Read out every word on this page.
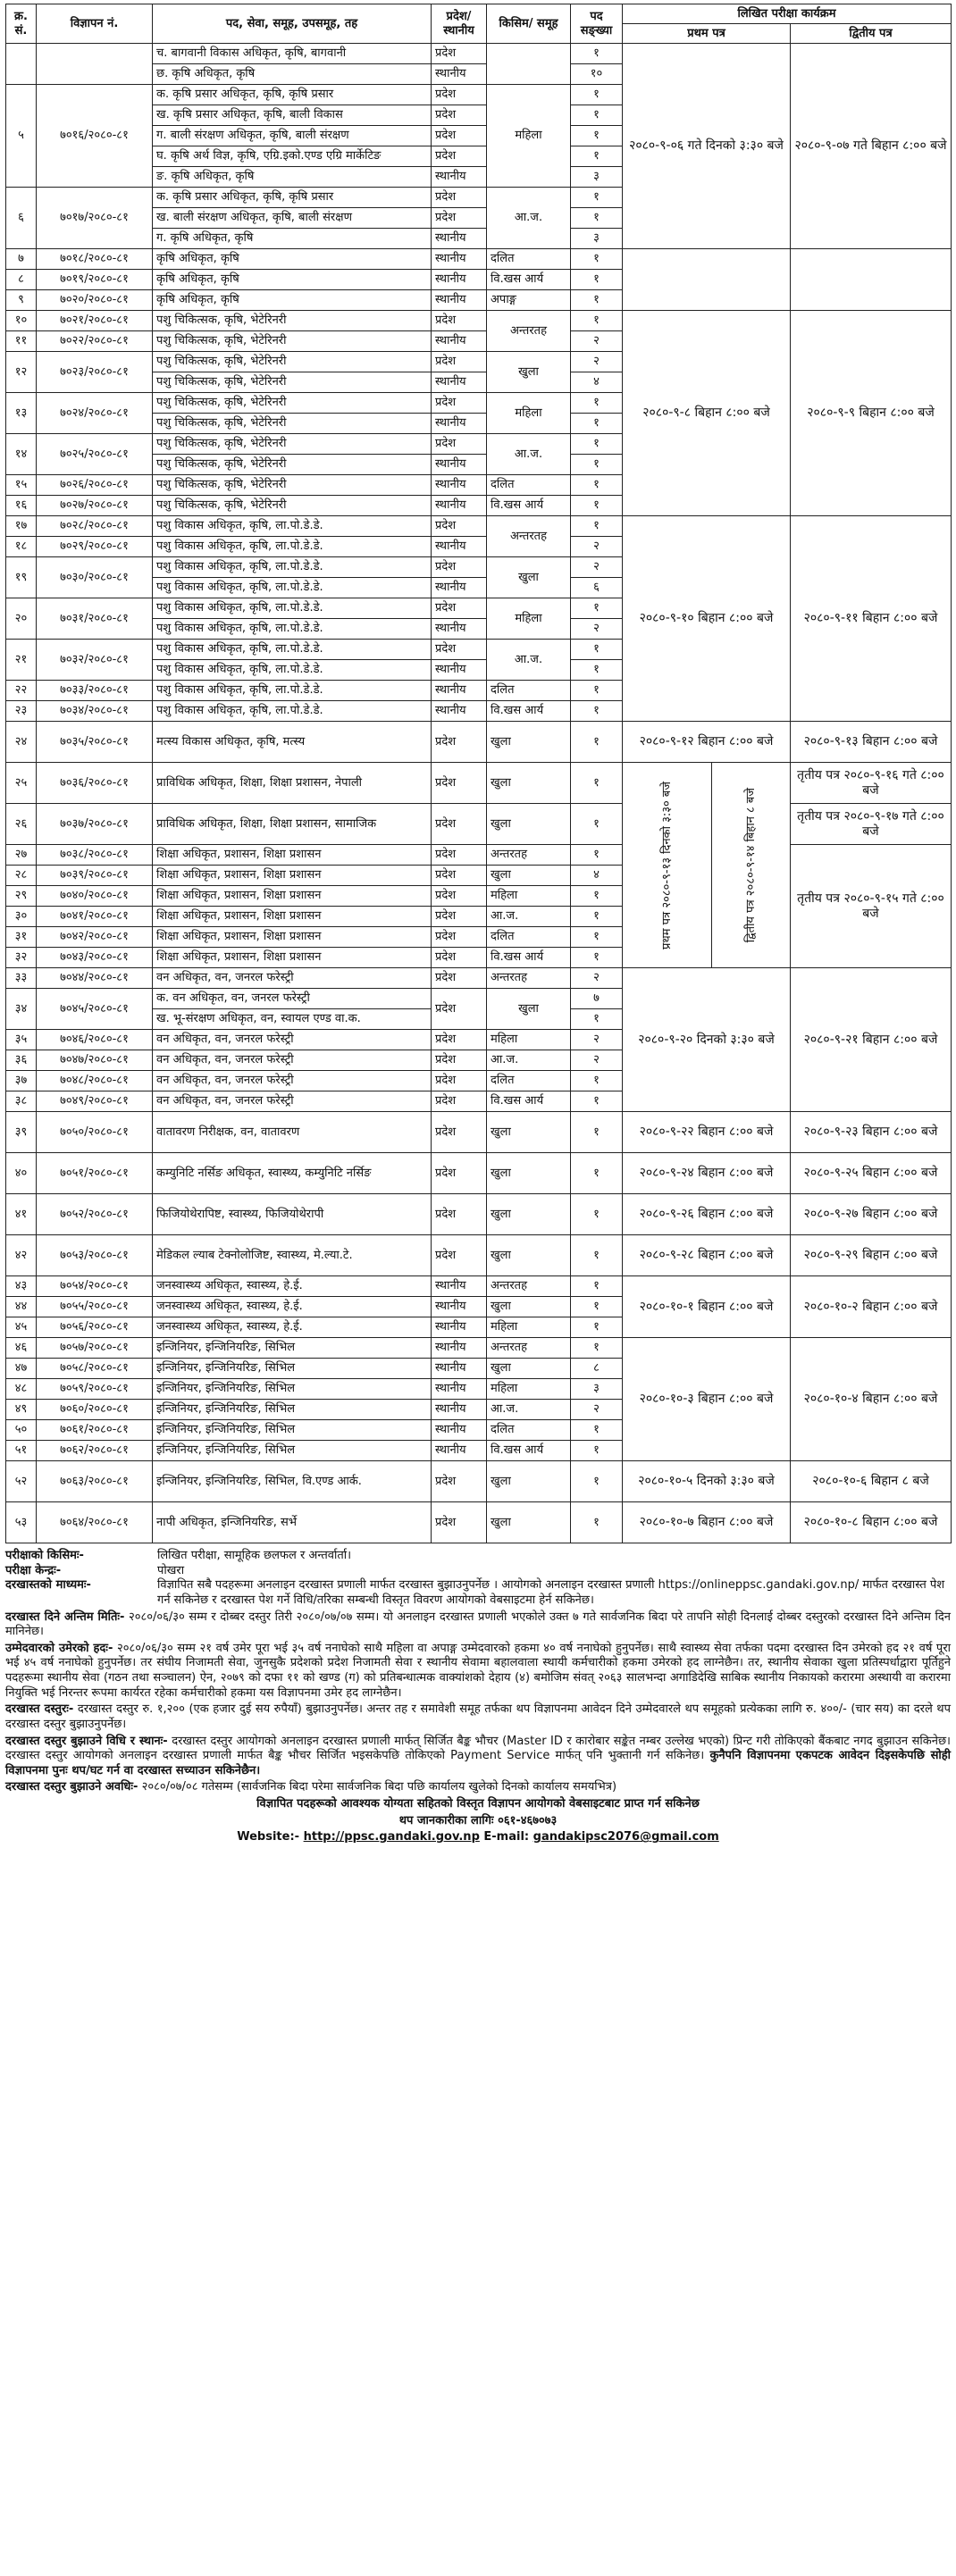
क्र. सं.	विज्ञापन नं.	पद, सेवा, समूह, उपसमूह, तह	प्रदेश/ स्थानीय	किसिम/ समूह	पद सङ्ख्या	लिखित परीक्षा कार्यक्रम		
						प्रथम पत्र		द्वितीय पत्र
		च. बागवानी विकास अधिकृत, कृषि, बागवानी	प्रदेश		१	२०८०-९-०६ गते दिनको ३:३० बजे		२०८०-९-०७ गते बिहान ८:०० बजे
		छ. कृषि अधिकृत, कृषि	स्थानीय		१०			
५	७०१६/२०८०-८१	क. कृषि प्रसार अधिकृत, कृषि, कृषि प्रसार	प्रदेश	महिला	१			
		ख. कृषि प्रसार अधिकृत, कृषि, बाली विकास	प्रदेश		१			
		ग. बाली संरक्षण अधिकृत, कृषि, बाली संरक्षण	प्रदेश		१			
		घ. कृषि अर्थ विज्ञ, कृषि, एग्रि.इको.एण्ड एग्रि मार्केटिङ	प्रदेश		१			
		ङ. कृषि अधिकृत, कृषि	स्थानीय		३			
६	७०१७/२०८०-८१	क. कृषि प्रसार अधिकृत, कृषि, कृषि प्रसार	प्रदेश	आ.ज.	१			
		ख. बाली संरक्षण अधिकृत, कृषि, बाली संरक्षण	प्रदेश		१			
		ग. कृषि अधिकृत, कृषि	स्थानीय		३			
७	७०१८/२०८०-८१	कृषि अधिकृत, कृषि	स्थानीय	दलित	१			
८	७०१९/२०८०-८१	कृषि अधिकृत, कृषि	स्थानीय	वि.खस आर्य	१			
९	७०२०/२०८०-८१	कृषि अधिकृत, कृषि	स्थानीय	अपाङ्ग	१			
१०	७०२१/२०८०-८१	पशु चिकित्सक, कृषि, भेटेरिनरी	प्रदेश	अन्तरतह	१	२०८०-९-८ बिहान ८:०० बजे		२०८०-९-९ बिहान ८:०० बजे
११	७०२२/२०८०-८१	पशु चिकित्सक, कृषि, भेटेरिनरी	स्थानीय		२			
१२	७०२३/२०८०-८१	पशु चिकित्सक, कृषि, भेटेरिनरी	प्रदेश	खुला	२			
		पशु चिकित्सक, कृषि, भेटेरिनरी	स्थानीय		४			
१३	७०२४/२०८०-८१	पशु चिकित्सक, कृषि, भेटेरिनरी	प्रदेश	महिला	१			
		पशु चिकित्सक, कृषि, भेटेरिनरी	स्थानीय		१			
१४	७०२५/२०८०-८१	पशु चिकित्सक, कृषि, भेटेरिनरी	प्रदेश	आ.ज.	१			
		पशु चिकित्सक, कृषि, भेटेरिनरी	स्थानीय		१			
१५	७०२६/२०८०-८१	पशु चिकित्सक, कृषि, भेटेरिनरी	स्थानीय	दलित	१			
१६	७०२७/२०८०-८१	पशु चिकित्सक, कृषि, भेटेरिनरी	स्थानीय	वि.खस आर्य	१			
१७	७०२८/२०८०-८१	पशु विकास अधिकृत, कृषि, ला.पो.डे.डे.	प्रदेश	अन्तरतह	१	२०८०-९-१० बिहान ८:०० बजे		२०८०-९-११ बिहान ८:०० बजे
१८	७०२९/२०८०-८१	पशु विकास अधिकृत, कृषि, ला.पो.डे.डे.	स्थानीय		२			
१९	७०३०/२०८०-८१	पशु विकास अधिकृत, कृषि, ला.पो.डे.डे.	प्रदेश	खुला	२			
		पशु विकास अधिकृत, कृषि, ला.पो.डे.डे.	स्थानीय		६			
२०	७०३१/२०८०-८१	पशु विकास अधिकृत, कृषि, ला.पो.डे.डे.	प्रदेश	महिला	१			
		पशु विकास अधिकृत, कृषि, ला.पो.डे.डे.	स्थानीय		२			
२१	७०३२/२०८०-८१	पशु विकास अधिकृत, कृषि, ला.पो.डे.डे.	प्रदेश	आ.ज.	१			
		पशु विकास अधिकृत, कृषि, ला.पो.डे.डे.	स्थानीय		१			
२२	७०३३/२०८०-८१	पशु विकास अधिकृत, कृषि, ला.पो.डे.डे.	स्थानीय	दलित	१			
२३	७०३४/२०८०-८१	पशु विकास अधिकृत, कृषि, ला.पो.डे.डे.	स्थानीय	वि.खस आर्य	१			
२४	७०३५/२०८०-८१	मत्स्य विकास अधिकृत, कृषि, मत्स्य	प्रदेश	खुला	१	२०८०-९-१२ बिहान ८:०० बजे		२०८०-९-१३ बिहान ८:०० बजे
२५	७०३६/२०८०-८१	प्राविधिक अधिकृत, शिक्षा, शिक्षा प्रशासन, नेपाली	प्रदेश	खुला	१	प्रथम पत्र २०८०-९-१३ दिनको ३:३० बजे	द्वितीय पत्र २०८०-९-१४ बिहान ८ बजे	तृतीय पत्र २०८०-९-१६ गते ८:०० बजे
२६	७०३७/२०८०-८१	प्राविधिक अधिकृत, शिक्षा, शिक्षा प्रशासन, सामाजिक	प्रदेश	खुला	१			तृतीय पत्र २०८०-९-१७ गते ८:०० बजे
२७	७०३८/२०८०-८१	शिक्षा अधिकृत, प्रशासन, शिक्षा प्रशासन	प्रदेश	अन्तरतह	१			तृतीय पत्र २०८०-९-१५ गते ८:०० बजे
२८	७०३९/२०८०-८१	शिक्षा अधिकृत, प्रशासन, शिक्षा प्रशासन	प्रदेश	खुला	४			
२९	७०४०/२०८०-८१	शिक्षा अधिकृत, प्रशासन, शिक्षा प्रशासन	प्रदेश	महिला	१			
३०	७०४१/२०८०-८१	शिक्षा अधिकृत, प्रशासन, शिक्षा प्रशासन	प्रदेश	आ.ज.	१			
३१	७०४२/२०८०-८१	शिक्षा अधिकृत, प्रशासन, शिक्षा प्रशासन	प्रदेश	दलित	१			
३२	७०४३/२०८०-८१	शिक्षा अधिकृत, प्रशासन, शिक्षा प्रशासन	प्रदेश	वि.खस आर्य	१			
३३	७०४४/२०८०-८१	वन अधिकृत, वन, जनरल फरेस्ट्री	प्रदेश	अन्तरतह	२	२०८०-९-२० दिनको ३:३० बजे		२०८०-९-२१ बिहान ८:०० बजे
३४	७०४५/२०८०-८१	क. वन अधिकृत, वन, जनरल फरेस्ट्री	प्रदेश	खुला	७			
		ख. भू-संरक्षण अधिकृत, वन, स्वायल एण्ड वा.क.			१			
३५	७०४६/२०८०-८१	वन अधिकृत, वन, जनरल फरेस्ट्री	प्रदेश	महिला	२			
३६	७०४७/२०८०-८१	वन अधिकृत, वन, जनरल फरेस्ट्री	प्रदेश	आ.ज.	२			
३७	७०४८/२०८०-८१	वन अधिकृत, वन, जनरल फरेस्ट्री	प्रदेश	दलित	१			
३८	७०४९/२०८०-८१	वन अधिकृत, वन, जनरल फरेस्ट्री	प्रदेश	वि.खस आर्य	१			
३९	७०५०/२०८०-८१	वातावरण निरीक्षक, वन, वातावरण	प्रदेश	खुला	१	२०८०-९-२२ बिहान ८:०० बजे		२०८०-९-२३ बिहान ८:०० बजे
४०	७०५१/२०८०-८१	कम्युनिटि नर्सिङ अधिकृत, स्वास्थ्य, कम्युनिटि नर्सिङ	प्रदेश	खुला	१	२०८०-९-२४ बिहान ८:०० बजे		२०८०-९-२५ बिहान ८:०० बजे
४१	७०५२/२०८०-८१	फिजियोथेरापिष्ट, स्वास्थ्य, फिजियोथेरापी	प्रदेश	खुला	१	२०८०-९-२६ बिहान ८:०० बजे		२०८०-९-२७ बिहान ८:०० बजे
४२	७०५३/२०८०-८१	मेडिकल ल्याब टेक्नोलोजिष्ट, स्वास्थ्य, मे.ल्या.टे.	प्रदेश	खुला	१	२०८०-९-२८ बिहान ८:०० बजे		२०८०-९-२९ बिहान ८:०० बजे
४३	७०५४/२०८०-८१	जनस्वास्थ्य अधिकृत, स्वास्थ्य, हे.ई.	स्थानीय	अन्तरतह	१	२०८०-१०-१ बिहान ८:०० बजे		२०८०-१०-२ बिहान ८:०० बजे
४४	७०५५/२०८०-८१	जनस्वास्थ्य अधिकृत, स्वास्थ्य, हे.ई.	स्थानीय	खुला	१			
४५	७०५६/२०८०-८१	जनस्वास्थ्य अधिकृत, स्वास्थ्य, हे.ई.	स्थानीय	महिला	१			
४६	७०५७/२०८०-८१	इन्जिनियर, इन्जिनियरिङ, सिभिल	स्थानीय	अन्तरतह	१	२०८०-१०-३ बिहान ८:०० बजे		२०८०-१०-४ बिहान ८:०० बजे
४७	७०५८/२०८०-८१	इन्जिनियर, इन्जिनियरिङ, सिभिल	स्थानीय	खुला	८			
४८	७०५९/२०८०-८१	इन्जिनियर, इन्जिनियरिङ, सिभिल	स्थानीय	महिला	३			
४९	७०६०/२०८०-८१	इन्जिनियर, इन्जिनियरिङ, सिभिल	स्थानीय	आ.ज.	२			
५०	७०६१/२०८०-८१	इन्जिनियर, इन्जिनियरिङ, सिभिल	स्थानीय	दलित	१			
५१	७०६२/२०८०-८१	इन्जिनियर, इन्जिनियरिङ, सिभिल	स्थानीय	वि.खस आर्य	१			
५२	७०६३/२०८०-८१	इन्जिनियर, इन्जिनियरिङ, सिभिल, वि.एण्ड आर्क.	प्रदेश	खुला	१	२०८०-१०-५ दिनको ३:३० बजे		२०८०-१०-६ बिहान ८ बजे
५३	७०६४/२०८०-८१	नापी अधिकृत, इन्जिनियरिङ, सर्भे	प्रदेश	खुला	१	२०८०-१०-७ बिहान ८:०० बजे		२०८०-१०-८ बिहान ८:०० बजे
परीक्षाको किसिमः-	लिखित परीक्षा, सामूहिक छलफल र अन्तर्वार्ता।
परीक्षा केन्द्रः-	पोखरा
दरखास्तको माध्यमः-	विज्ञापित सबै पदहरूमा अनलाइन दरखास्त प्रणाली मार्फत दरखास्त बुझाउनुपर्नेछ । आयोगको अनलाइन दरखास्त प्रणाली https://onlineppsc.gandaki.gov.np/ मार्फत दरखास्त पेश गर्न सकिनेछ र दरखास्त पेश गर्ने विधि/तरिका सम्बन्धी विस्तृत विवरण आयोगको वेबसाइटमा हेर्न सकिनेछ।
दरखास्त दिने अन्तिम मितिः- २०८०/०६/३० सम्म र दोब्बर दस्तुर तिरी २०८०/०७/०७ सम्म। यो अनलाइन दरखास्त प्रणाली भएकोले उक्त ७ गते सार्वजनिक बिदा परे तापनि सोही दिनलाई दोब्बर दस्तुरको दरखास्त दिने अन्तिम दिन मानिनेछ।
उम्मेदवारको उमेरको हदः- २०८०/०६/३० सम्म २१ वर्ष उमेर पूरा भई ३५ वर्ष ननाघेको साथै महिला वा अपाङ्ग उम्मेदवारको हकमा ४० वर्ष ननाघेको हुनुपर्नेछ। साथै स्वास्थ्य सेवा तर्फका पदमा दरखास्त दिन उमेरको हद २१ वर्ष पूरा भई ४५ वर्ष ननाघेको हुनुपर्नेछ। तर संघीय निजामती सेवा, जुनसुकै प्रदेशको प्रदेश निजामती सेवा र स्थानीय सेवामा बहालवाला स्थायी कर्मचारीको हकमा उमेरको हद लाग्नेछैन। तर, स्थानीय सेवाका खुला प्रतिस्पर्धाद्वारा पूर्तिहुने पदहरूमा स्थानीय सेवा (गठन तथा सञ्चालन) ऐन, २०७९ को दफा ११ को खण्ड (ग) को प्रतिबन्धात्मक वाक्यांशको देहाय (४) बमोजिम संवत् २०६३ सालभन्दा अगाडिदेखि साबिक स्थानीय निकायको करारमा अस्थायी वा करारमा नियुक्ति भई निरन्तर रूपमा कार्यरत रहेका कर्मचारीको हकमा यस विज्ञापनमा उमेर हद लाग्नेछैन।
दरखास्त दस्तुरः- दरखास्त दस्तुर रु. १,२०० (एक हजार दुई सय रुपैयाँ) बुझाउनुपर्नेछ। अन्तर तह र समावेशी समूह तर्फका थप विज्ञापनमा आवेदन दिने उम्मेदवारले थप समूहको प्रत्येकका लागि रु. ४००/- (चार सय) का दरले थप दरखास्त दस्तुर बुझाउनुपर्नेछ।
दरखास्त दस्तुर बुझाउने विधि र स्थानः- दरखास्त दस्तुर आयोगको अनलाइन दरखास्त प्रणाली मार्फत् सिर्जित बैङ्क भौचर (Master ID र कारोबार सङ्केत नम्बर उल्लेख भएको) प्रिन्ट गरी तोकिएको बैंकबाट नगद बुझाउन सकिनेछ। दरखास्त दस्तुर आयोगको अनलाइन दरखास्त प्रणाली मार्फत बैङ्क भौचर सिर्जित भइसकेपछि तोकिएको Payment Service मार्फत् पनि भुक्तानी गर्न सकिनेछ। कुनैपनि विज्ञापनमा एकपटक आवेदन दिइसकेपछि सोही विज्ञापनमा पुनः थप/घट गर्न वा दरखास्त सच्याउन सकिनेछैन।
दरखास्त दस्तुर बुझाउने अवधिः- २०८०/०७/०८ गतेसम्म (सार्वजनिक बिदा परेमा सार्वजनिक बिदा पछि कार्यालय खुलेको दिनको कार्यालय समयभित्र)
विज्ञापित पदहरूको आवश्यक योग्यता सहितको विस्तृत विज्ञापन आयोगको वेबसाइटबाट प्राप्त गर्न सकिनेछ
थप जानकारीका लागिः ०६१-४६७०७३
Website:- http://ppsc.gandaki.gov.np E-mail: gandakipsc2076@gmail.com
